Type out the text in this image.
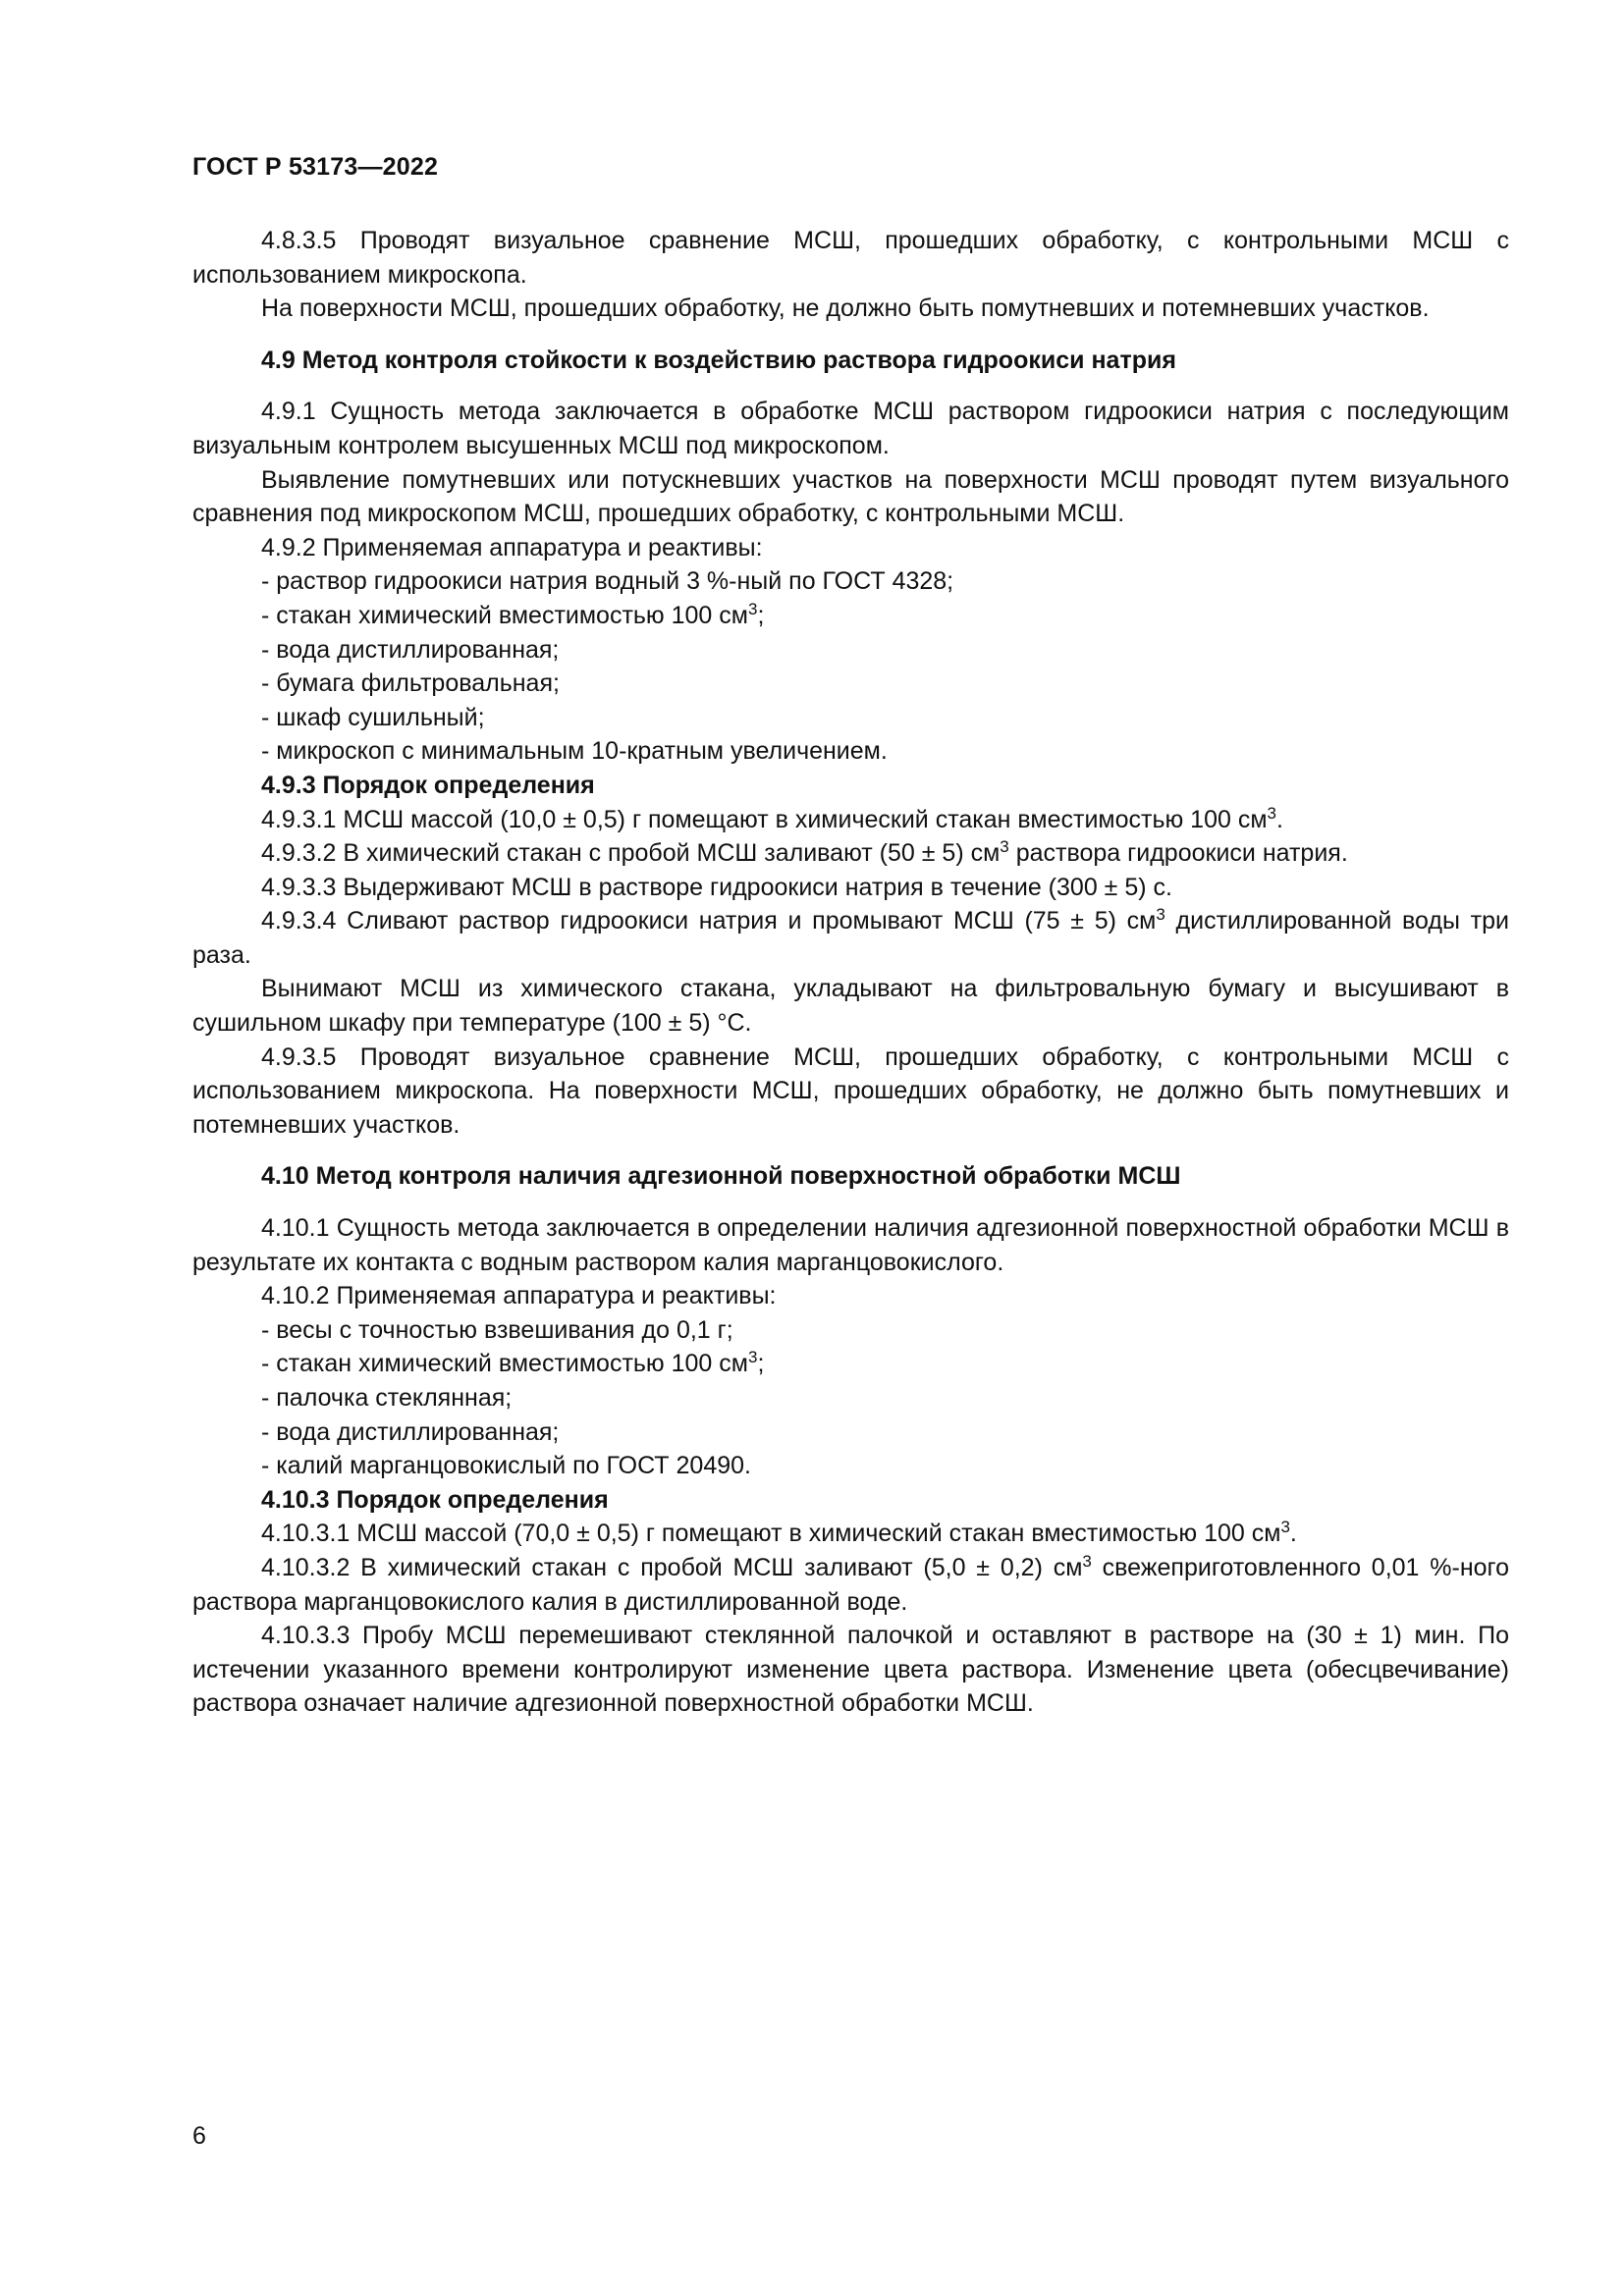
ГОСТ Р 53173—2022

4.8.3.5 Проводят визуальное сравнение МСШ, прошедших обработку, с контрольными МСШ с использованием микроскопа.

На поверхности МСШ, прошедших обработку, не должно быть помутневших и потемневших участков.

4.9 Метод контроля стойкости к воздействию раствора гидроокиси натрия

4.9.1 Сущность метода заключается в обработке МСШ раствором гидроокиси натрия с последующим визуальным контролем высушенных МСШ под микроскопом.

Выявление помутневших или потускневших участков на поверхности МСШ проводят путем визуального сравнения под микроскопом МСШ, прошедших обработку, с контрольными МСШ.

4.9.2 Применяемая аппаратура и реактивы:

- раствор гидроокиси натрия водный 3 %-ный по ГОСТ 4328;

- стакан химический вместимостью 100 $см^3$;

- вода дистиллированная;

- бумага фильтровальная;

- шкаф сушильный;

- микроскоп с минимальным 10-кратным увеличением.

4.9.3 Порядок определения

4.9.3.1 МСШ массой (10,0 ± 0,5) г помещают в химический стакан вместимостью 100 $см^3$.

4.9.3.2 В химический стакан с пробой МСШ заливают (50 ± 5) $см^3$ раствора гидроокиси натрия.

4.9.3.3 Выдерживают МСШ в растворе гидроокиси натрия в течение (300 ± 5) с.

4.9.3.4 Сливают раствор гидроокиси натрия и промывают МСШ (75 ± 5) $см^3$ дистиллированной воды три раза.

Вынимают МСШ из химического стакана, укладывают на фильтровальную бумагу и высушивают в сушильном шкафу при температуре (100 ± 5) °С.

4.9.3.5 Проводят визуальное сравнение МСШ, прошедших обработку, с контрольными МСШ с использованием микроскопа. На поверхности МСШ, прошедших обработку, не должно быть помутневших и потемневших участков.

4.10 Метод контроля наличия адгезионной поверхностной обработки МСШ

4.10.1 Сущность метода заключается в определении наличия адгезионной поверхностной обработки МСШ в результате их контакта с водным раствором калия марганцовокислого.

4.10.2 Применяемая аппаратура и реактивы:

- весы с точностью взвешивания до 0,1 г;

- стакан химический вместимостью 100 $см^3$;

- палочка стеклянная;

- вода дистиллированная;

- калий марганцовокислый по ГОСТ 20490.

4.10.3 Порядок определения

4.10.3.1 МСШ массой (70,0 ± 0,5) г помещают в химический стакан вместимостью 100 $см^3$.

4.10.3.2 В химический стакан с пробой МСШ заливают (5,0 ± 0,2) $см^3$ свежеприготовленного 0,01 %-ного раствора марганцовокислого калия в дистиллированной воде.

4.10.3.3 Пробу МСШ перемешивают стеклянной палочкой и оставляют в растворе на (30 ± 1) мин. По истечении указанного времени контролируют изменение цвета раствора. Изменение цвета (обесцвечивание) раствора означает наличие адгезионной поверхностной обработки МСШ.

6
